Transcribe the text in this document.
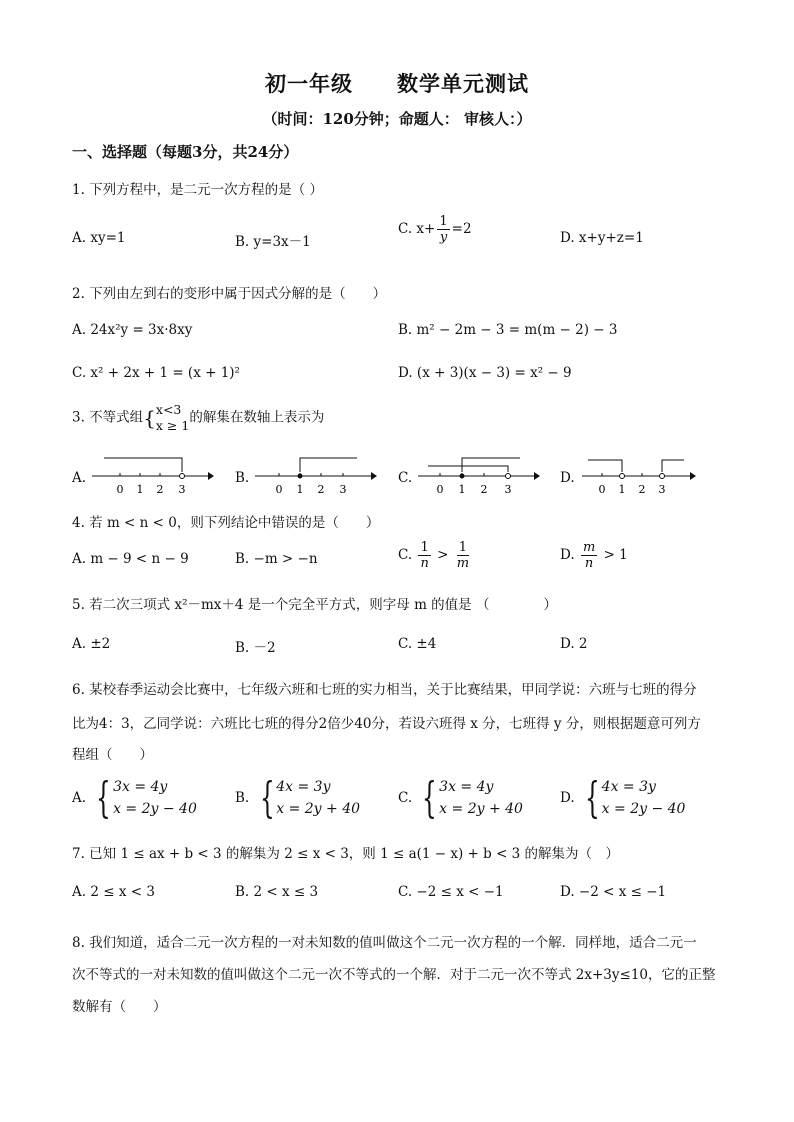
初一年级 数学单元测试
（时间：120分钟；命题人： 审核人：）
一、选择题（每题3分，共24分）
1. 下列方程中，是二元一次方程的是（ ）
A. xy=1	B. y=3x－1
C. $x+ \frac{1}{y} =2$
D. x+y+z=1
2. 下列由左到右的变形中属于因式分解的是（　　）
A. 24x²y = 3x·8xy	B. m² − 2m − 3 = m(m − 2) − 3
C. x² + 2x + 1 = (x + 1)²	D. (x + 3)(x − 3) = x² − 9
3. 不等式组{ x<3
x ≥ 1 的解集在数轴上表示为
A.	B.	C.	D.
0 1 2 3	0 1 2 3	0 1 2 3	0 1 2 3
4. 若 m < n < 0，则下列结论中错误的是（　　）
A. m − 9 < n − 9	B. −m > −n	C. $\frac{1}{n} > \frac{1}{m}$	D. $\frac{m}{n} > 1$
5. 若二次三项式 x²－mx＋4 是一个完全平方式，则字母 m 的值是 （　　　　）
A. ±2	B. －2	C. ±4	D. 2
6. 某校春季运动会比赛中，七年级六班和七班的实力相当，关于比赛结果，甲同学说：六班与七班的得分
比为4：3，乙同学说：六班比七班的得分2倍少40分，若设六班得 x 分，七班得 y 分，则根据题意可列方
程组（　　）
A. { 3x = 4y
x = 2y − 40
B. { 4x = 3y
x = 2y + 40
C. { 3x = 4y
x = 2y + 40
D. { 4x = 3y
x = 2y − 40
7. 已知 1 ≤ ax + b < 3 的解集为 2 ≤ x < 3，则 1 ≤ a(1 − x) + b < 3 的解集为（　）
A. 2 ≤ x < 3	B. 2 < x ≤ 3	C. −2 ≤ x < −1	D. −2 < x ≤ −1
8. 我们知道，适合二元一次方程的一对未知数的值叫做这个二元一次方程的一个解．同样地，适合二元一
次不等式的一对未知数的值叫做这个二元一次不等式的一个解．对于二元一次不等式 2x+3y≤10，它的正整
数解有（　　）
